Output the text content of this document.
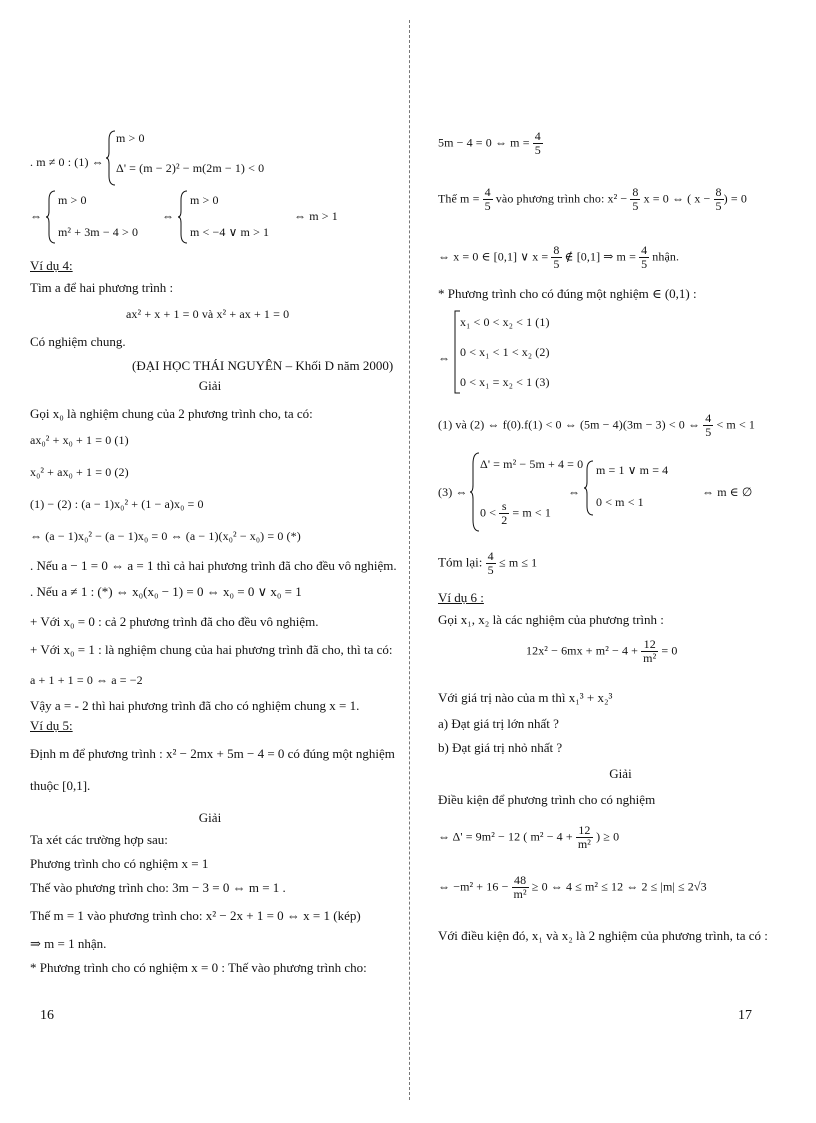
. m ≠ 0 : (1) ⇔
m > 0
Δ' = (m − 2)² − m(2m − 1) < 0
⇔
m > 0
m² + 3m − 4 > 0
⇔
m > 0
m < −4 ∨ m > 1
⇔ m > 1
Ví dụ 4:
Tìm a để hai phương trình :
ax² + x + 1 = 0 và x² + ax + 1 = 0
Có nghiệm chung.
(ĐẠI HỌC THÁI NGUYÊN – Khối D năm 2000)
Giải
Gọi x₀ là nghiệm chung của 2 phương trình cho, ta có:
ax₀² + x₀ + 1 = 0 (1)
x₀² + ax₀ + 1 = 0 (2)
(1) − (2) : (a − 1)x₀² + (1 − a)x₀ = 0
⇔ (a − 1)x₀² − (a − 1)x₀ = 0 ⇔ (a − 1)(x₀² − x₀) = 0 (*)
. Nếu a − 1 = 0 ⇔ a = 1 thì cả hai phương trình đã cho đều vô nghiệm.
. Nếu a ≠ 1 : (*) ⇔ x₀(x₀ − 1) = 0 ⇔ x₀ = 0 ∨ x₀ = 1
+ Với x₀ = 0 : cả 2 phương trình đã cho đều vô nghiệm.
+ Với x₀ = 1 : là nghiệm chung của hai phương trình đã cho, thì ta có:
a + 1 + 1 = 0 ⇔ a = −2
Vậy a = - 2 thì hai phương trình đã cho có nghiệm chung x = 1.
Ví dụ 5:
Định m để phương trình : x² − 2mx + 5m − 4 = 0 có đúng một nghiệm
thuộc [0,1].
Giải
Ta xét các trường hợp sau:
Phương trình cho có nghiệm x = 1
Thế vào phương trình cho: 3m − 3 = 0 ⇔ m = 1 .
Thế m = 1 vào phương trình cho: x² − 2x + 1 = 0 ⇔ x = 1 (kép)
⇒ m = 1 nhận.
* Phương trình cho có nghiệm x = 0 : Thế vào phương trình cho:
16
5m − 4 = 0 ⇔ $m = \frac{4}{5}$
Thế $m = \frac{4}{5}$ vào phương trình cho: $x^2 - \frac{8}{5}$ x = 0 ⇔ ( $x - \frac{8}{5}$ ) = 0
⇔ x = 0 ∈ [0,1] ∨ $x = \frac{8}{5}$ ∉ [0,1] ⇒ $m = \frac{4}{5}$ nhận.
* Phương trình cho có đúng một nghiệm ∈ (0,1) :
⇔
x₁ < 0 < x₂ < 1 (1)
0 < x₁ < 1 < x₂ (2)
0 < x₁ = x₂ < 1 (3)
(1) và (2) ⇔ f(0).f(1) < 0 ⇔ (5m − 4)(3m − 3) < 0 ⇔ $\frac{4}{5} < m < 1$
(3) ⇔
Δ' = m² − 5m + 4 = 0
$0 < \frac{s}{2} = m < 1$
⇔
m = 1 ∨ m = 4
0 < m < 1
⇔ m ∈ ∅
Tóm lại: $\frac{4}{5} \le m \le 1$
Ví dụ 6 :
Gọi x₁, x₂ là các nghiệm của phương trình :
$12x^2 - 6mx + m^2 - 4 + \frac{12}{\text{m²}} = 0$
Với giá trị nào của m thì x₁³ + x₂³
a) Đạt giá trị lớn nhất ?
b) Đạt giá trị nhỏ nhất ?
Giải
Điều kiện để phương trình cho có nghiệm
⇔ Δ' = 9m² − 12 ( $m^2 - 4 + \frac{12}{\text{m²}}$ ) ≥ 0
⇔ $-m^2 + 16 - \frac{48}{\text{m²}} \ge 0$ ⇔ 4 ≤ m² ≤ 12 ⇔ 2 ≤ |m| ≤ 2√3
Với điều kiện đó, x₁ và x₂ là 2 nghiệm của phương trình, ta có :
17
